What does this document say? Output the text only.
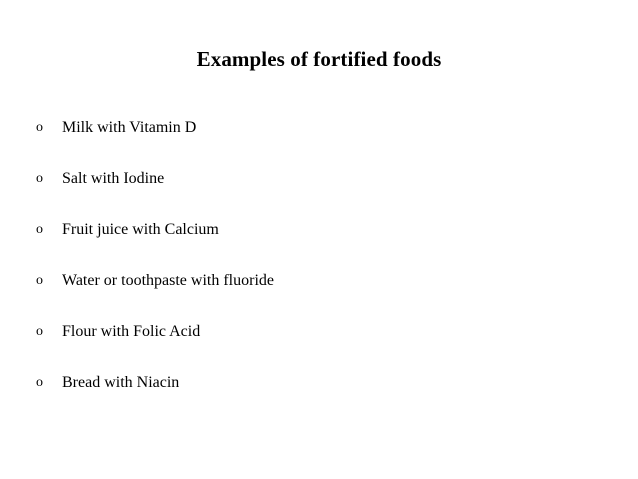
Examples of fortified foods
o	Milk with Vitamin D
o	Salt with Iodine
o	Fruit juice with Calcium
o	Water or toothpaste with fluoride
o	Flour with Folic Acid
o	Bread with Niacin
